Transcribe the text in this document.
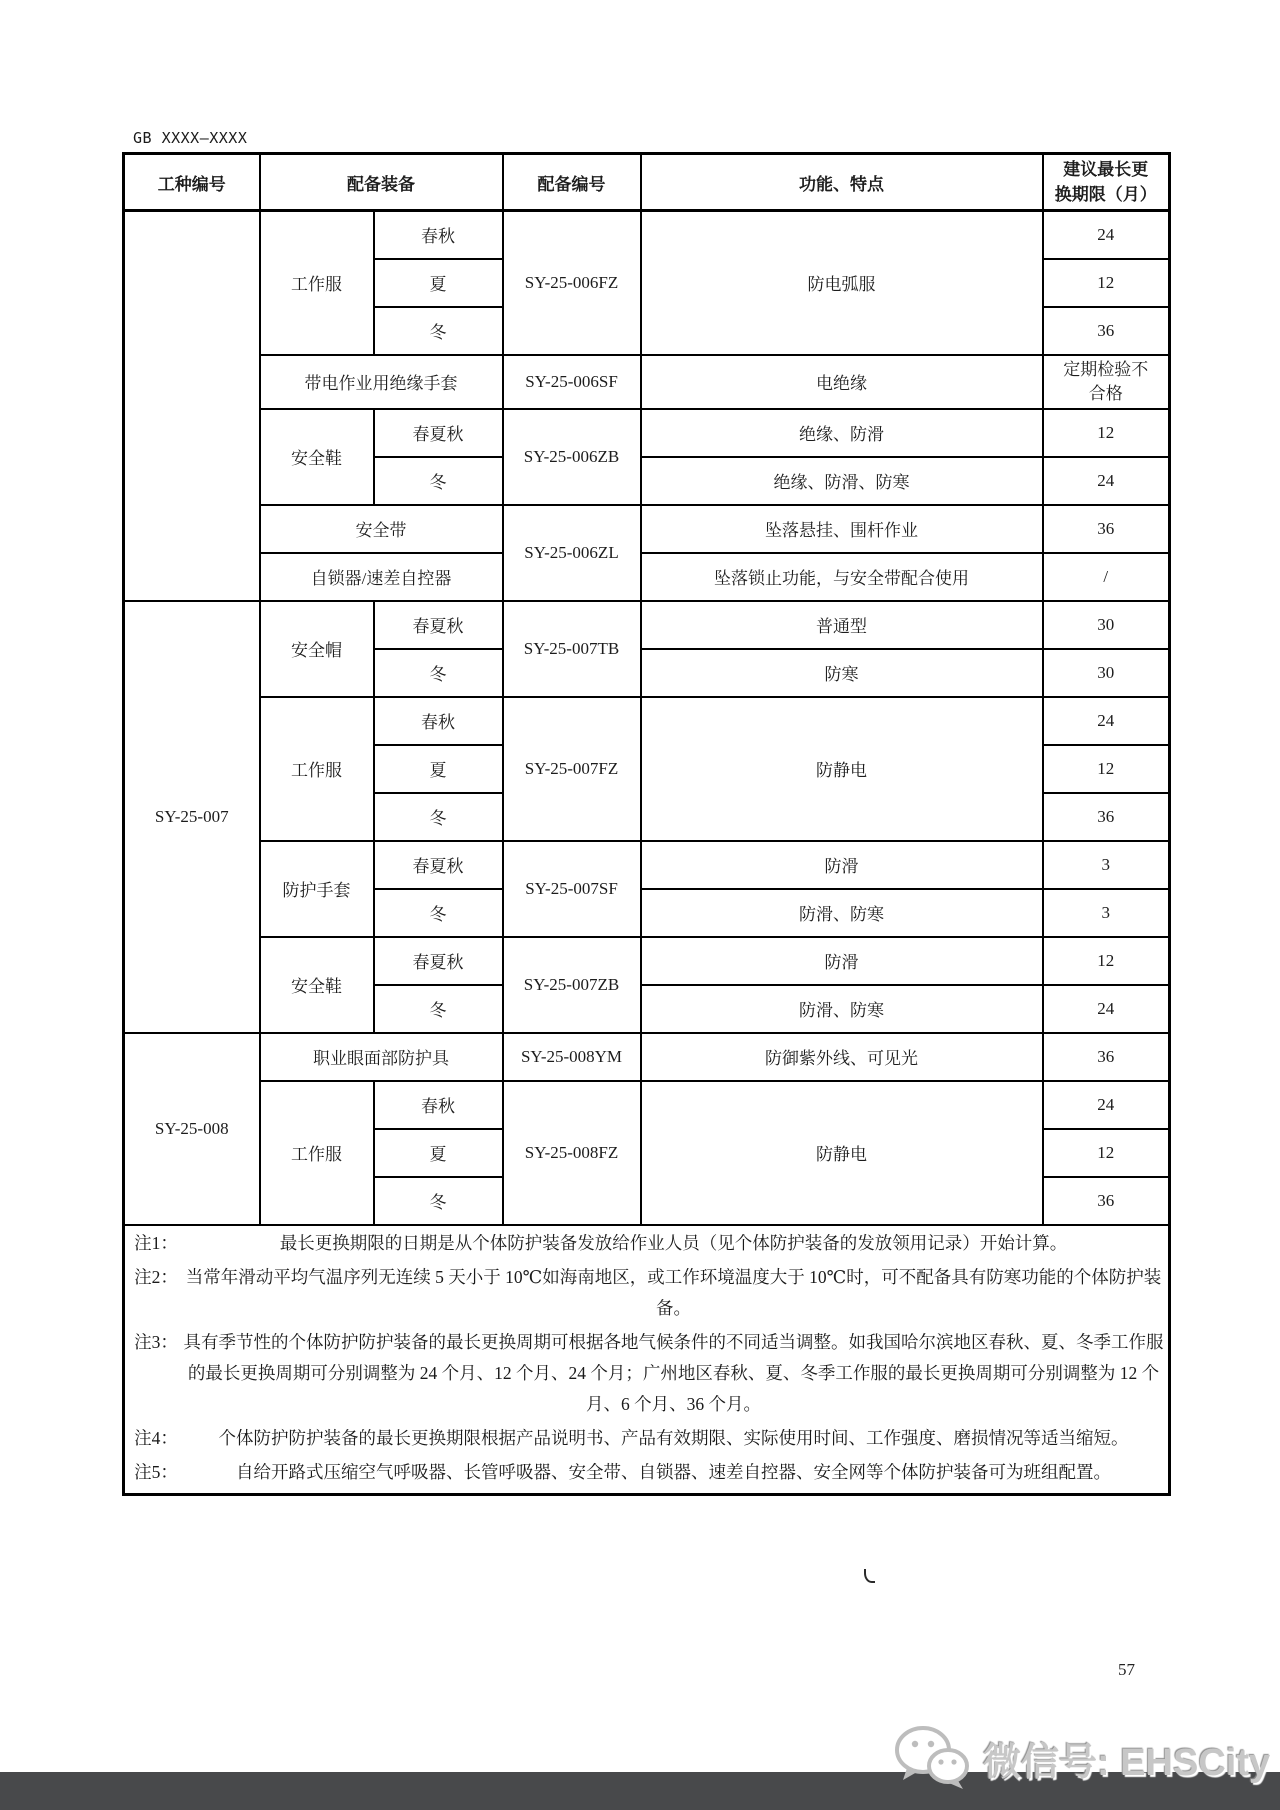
GB XXXX—XXXX
工种编号	配备装备		配备编号	功能、特点	建议最长更
换期限（月）

	工作服	春秋	SY-25-006FZ	防电弧服	24
		夏			12
		冬			36
	带电作业用绝缘手套		SY-25-006SF	电绝缘	定期检验不合格

	安全鞋	春夏秋	SY-25-006ZB	绝缘、防滑	12
		冬		绝缘、防滑、防寒	24
	安全带		SY-25-006ZL	坠落悬挂、围杆作业	36
	自锁器/速差自控器			坠落锁止功能，与安全带配合使用	/
SY-25-007	安全帽	春夏秋	SY-25-007TB	普通型	30
		冬		防寒	30
	工作服	春秋	SY-25-007FZ	防静电	24
		夏			12
		冬			36
	防护手套	春夏秋	SY-25-007SF	防滑	3
		冬		防滑、防寒	3
	安全鞋	春夏秋	SY-25-007ZB	防滑	12
		冬		防滑、防寒	24
SY-25-008	职业眼面部防护具		SY-25-008YM	防御紫外线、可见光	36
	工作服	春秋	SY-25-008FZ	防静电	24
		夏			12
		冬			36

注1：	最长更换期限的日期是从个体防护装备发放给作业人员（见个体防护装备的发放领用记录）开始计算。
注2： 当常年滑动平均气温序列无连续 5 天小于 10℃如海南地区，或工作环境温度大于 10℃时，可不配备具有防寒功能的个体防护装备。
注3： 具有季节性的个体防护防护装备的最长更换周期可根据各地气候条件的不同适当调整。如我国哈尔滨地区春秋、夏、冬季工作服的最长更换周期可分别调整为 24 个月、12 个月、24 个月；广州地区春秋、夏、冬季工作服的最长更换周期可分别调整为 12 个月、6 个月、36 个月。
注4：	个体防护防护装备的最长更换期限根据产品说明书、产品有效期限、实际使用时间、工作强度、磨损情况等适当缩短。
注5：	自给开路式压缩空气呼吸器、长管呼吸器、安全带、自锁器、速差自控器、安全网等个体防护装备可为班组配置。
57
微信号: EHSCity
